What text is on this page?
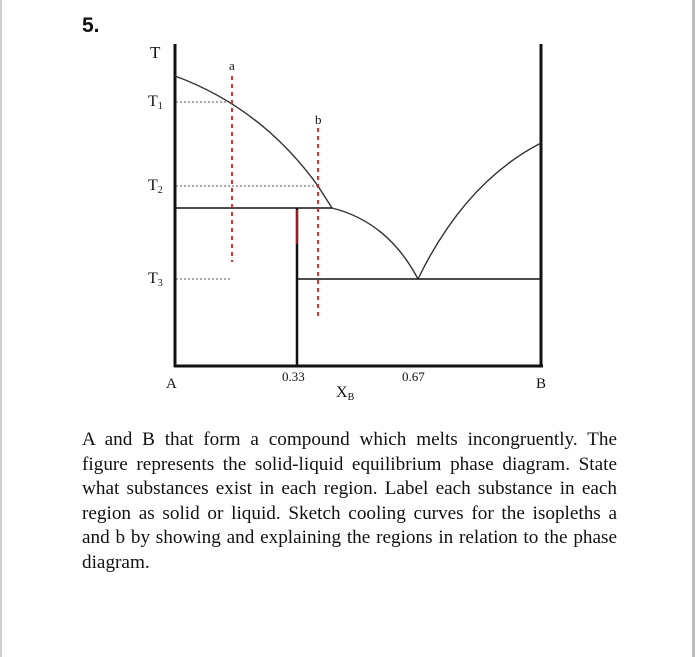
5.
T
T1
T2
T3
a
b
A	0.33	0.67
XB
B
A and B that form a compound which melts incongruently. The figure represents the solid-liquid equilibrium phase diagram. State what substances exist in each region. Label each substance in each region as solid or liquid. Sketch cooling curves for the isopleths a and b by showing and explaining the regions in relation to the phase diagram.
